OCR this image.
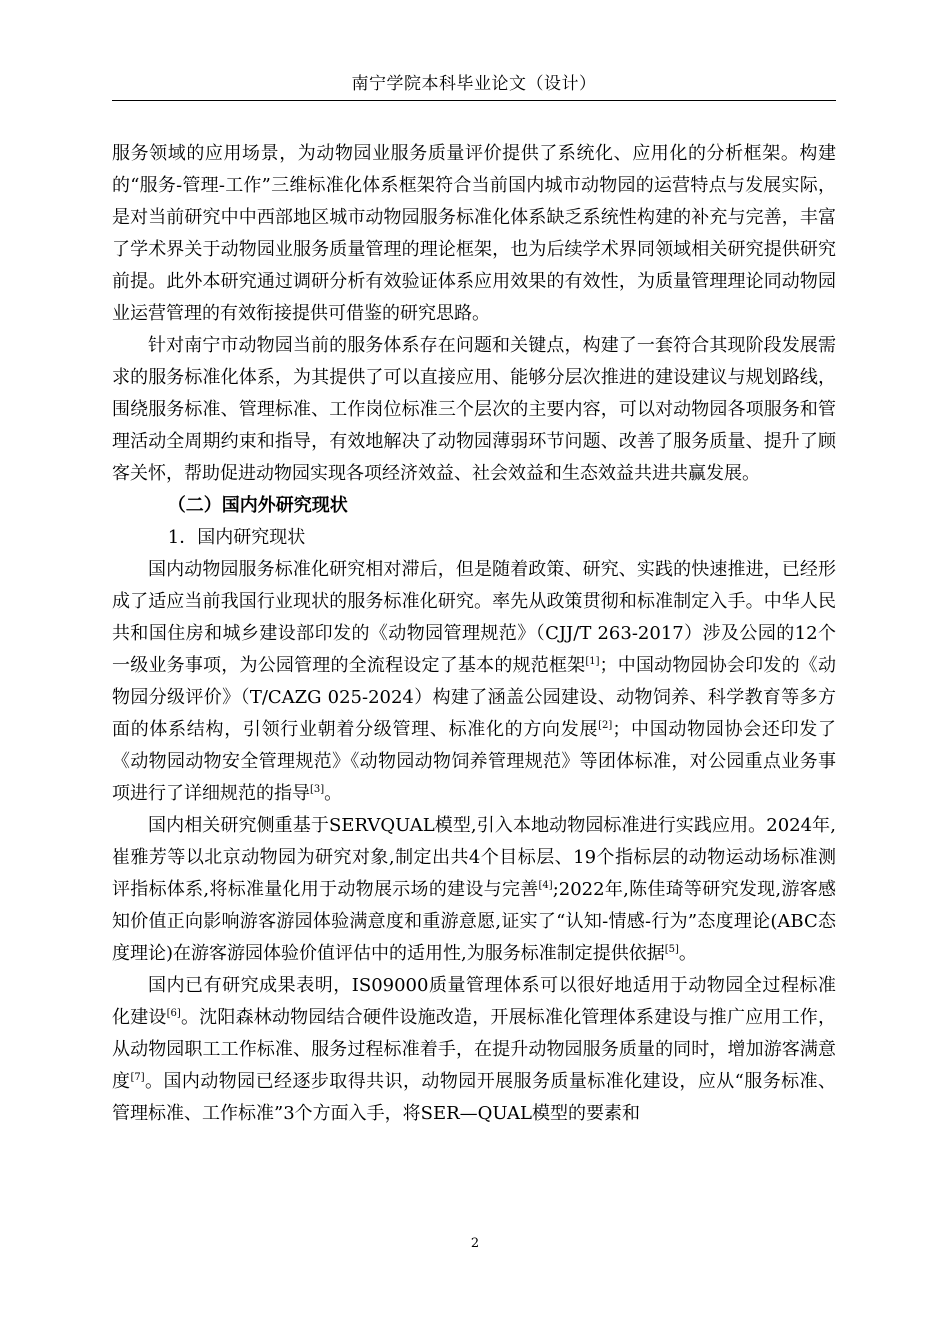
南宁学院本科毕业论文（设计）

服务领域的应用场景，为动物园业服务质量评价提供了系统化、应用化的分析框架。构建的“服务-管理-工作”三维标准化体系框架符合当前国内城市动物园的运营特点与发展实际，是对当前研究中中西部地区城市动物园服务标准化体系缺乏系统性构建的补充与完善，丰富了学术界关于动物园业服务质量管理的理论框架，也为后续学术界同领域相关研究提供研究前提。此外本研究通过调研分析有效验证体系应用效果的有效性，为质量管理理论同动物园业运营管理的有效衔接提供可借鉴的研究思路。

针对南宁市动物园当前的服务体系存在问题和关键点，构建了一套符合其现阶段发展需求的服务标准化体系，为其提供了可以直接应用、能够分层次推进的建设建议与规划路线，围绕服务标准、管理标准、工作岗位标准三个层次的主要内容，可以对动物园各项服务和管理活动全周期约束和指导，有效地解决了动物园薄弱环节问题、改善了服务质量、提升了顾客关怀，帮助促进动物园实现各项经济效益、社会效益和生态效益共进共赢发展。

（二）国内外研究现状

1．国内研究现状

国内动物园服务标准化研究相对滞后，但是随着政策、研究、实践的快速推进，已经形成了适应当前我国行业现状的服务标准化研究。率先从政策贯彻和标准制定入手。中华人民共和国住房和城乡建设部印发的《动物园管理规范》（CJJ/T 263-2017）涉及公园的12个一级业务事项，为公园管理的全流程设定了基本的规范框架[1]；中国动物园协会印发的《动物园分级评价》（T/CAZG 025-2024）构建了涵盖公园建设、动物饲养、科学教育等多方面的体系结构，引领行业朝着分级管理、标准化的方向发展[2]；中国动物园协会还印发了《动物园动物安全管理规范》《动物园动物饲养管理规范》等团体标准，对公园重点业务事项进行了详细规范的指导[3]。

国内相关研究侧重基于SERVQUAL模型,引入本地动物园标准进行实践应用。2024年,崔雅芳等以北京动物园为研究对象,制定出共4个目标层、19个指标层的动物运动场标准测评指标体系,将标准量化用于动物展示场的建设与完善[4];2022年,陈佳琦等研究发现,游客感知价值正向影响游客游园体验满意度和重游意愿,证实了“认知-情感-行为”态度理论(ABC态度理论)在游客游园体验价值评估中的适用性,为服务标准制定提供依据[5]。

国内已有研究成果表明，IS09000质量管理体系可以很好地适用于动物园全过程标准化建设[6]。沈阳森林动物园结合硬件设施改造，开展标准化管理体系建设与推广应用工作，从动物园职工工作标准、服务过程标准着手，在提升动物园服务质量的同时，增加游客满意度[7]。国内动物园已经逐步取得共识，动物园开展服务质量标准化建设，应从“服务标准、管理标准、工作标准”3个方面入手，将SER—QUAL模型的要素和

2
